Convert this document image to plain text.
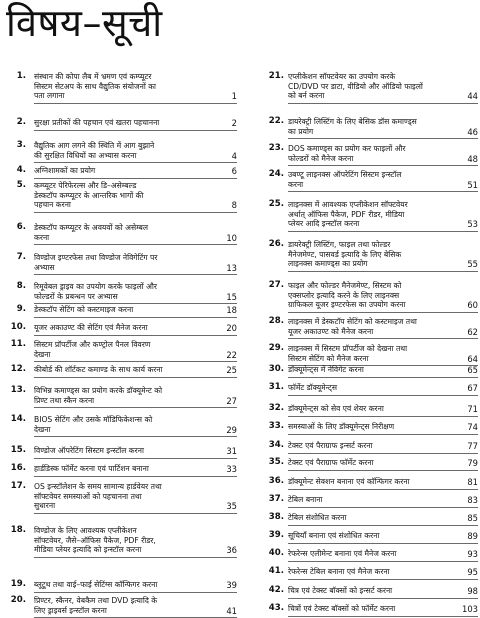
विषय–सूची
1. संस्थान की कोपा लैब में भ्रमण एवं कम्प्यूटर
सिस्टम सेटअप के साथ वैद्युतिक संयोजनों का
पता लगाना	1
2. सुरक्षा प्रतीकों की पहचान एवं खतरा पहचानना	2
3. वैद्युतिक आग लगने की स्थिति में आग बुझाने
की सुरक्षित विधियों का अभ्यास करना	4
4. अग्निशामकों का प्रयोग	6
5. कम्प्यूटर पेरिफेरल्स और डि–असेम्बल्ड
डेस्कटॉप कम्प्यूटर के आन्तरिक भागों की
पहचान करना	8
6. डेस्कटॉप कम्प्यूटर के अवयवों को असेम्बल
करना	10
7. विण्डोज इण्टरफेस तथा विण्डोज नेविगेटिंग पर
अभ्यास	13
8. रिमूवेबल ड्राइव का उपयोग करके फाइलों और
फोल्डरों के प्रबन्धन पर अभ्यास	15
9. डेस्कटॉप सेटिंग को कस्टमाइज करना	18
10. यूजर अकाउण्ट की सेटिंग एवं मैनेज करना	20
11. सिस्टम प्रॉपर्टीज और कण्ट्रोल पैनल विवरण
देखना	22
12. कीबोर्ड की शॉर्टकट कमाण्ड के साथ कार्य करना	25
13. विभिन्न कमाण्ड्स का प्रयोग करके डॉक्यूमेन्ट को
प्रिण्ट तथा स्कैन करना	27
14. BIOS सेटिंग और उसके मॉडिफिकेशन्स को
देखना	29
15. विण्डोज ऑपरेटिंग सिस्टम इन्स्टॉल करना	31
16. हार्डडिस्क फॉर्मेट करना एवं पार्टिशन बनाना	33
17. OS इन्स्टॉलेशन के समय सामान्य हार्डवेयर तथा
सॉफ्टवेयर समस्याओं को पहचानना तथा
सुधारना	35
18. विण्डोज के लिए आवश्यक एप्लीकेशन
सॉफ्टवेयर, जैसे–ऑफिस पैकेज, PDF रीडर,
मीडिया प्लेयर इत्यादि को इन्स्टॉल करना	36
19. ब्लूटूथ तथा वाई–फाई सेटिंग्स कॉन्फिगर करना	39
20. प्रिण्टर, स्कैनर, वेबकैम तथा DVD इत्यादि के
लिए ड्राइवर्स इन्स्टॉल करना	41
21. एप्लीकेशन सॉफ्टवेयर का उपयोग करके
CD/DVD पर डाटा, वीडियो और ऑडियो फाइलों
को बर्न करना	44
22. डायरेक्ट्री लिस्टिंग के लिए बेसिक डॉस कमाण्ड्स
का प्रयोग	46
23. DOS कमाण्ड्स का प्रयोग कर फाइलों और
फोल्डरों को मैनेज करना	48
24. उबण्टू लाइनक्स ऑपरेटिंग सिस्टम इन्स्टॉल
करना	51
25. लाइनक्स में आवश्यक एप्लीकेशन सॉफ्टवेयर
अर्थात् ऑफिस पैकेज, PDF रीडर, मीडिया
प्लेयर आदि इन्स्टॉल करना	53
26. डायरेक्ट्री लिस्टिंग, फाइल तथा फोल्डर
मैनेजमेण्ट, पासवर्ड इत्यादि के लिए बेसिक
लाइनक्स कमाण्ड्स का प्रयोग	55
27. फाइल और फोल्डर मैनेजमेण्ट, सिस्टम को
एक्सप्लोर इत्यादि करने के लिए लाइनक्स
ग्राफिकल यूजर इण्टरफेस का उपयोग करना	60
28. लाइनक्स में डेस्कटॉप सेटिंग को कस्टमाइज तथा
यूजर अकाउण्ट को मैनेज करना	62
29. लाइनक्स में सिस्टम प्रॉपर्टीज को देखना तथा
सिस्टम सेटिंग को मैनेज करना	64
30. डॉक्यूमेन्ट्स में नेविगेट करना	65
31. फॉर्मेट डॉक्यूमेन्ट्स	67
32. डॉक्यूमेन्ट्स को सेव एवं शेयर करना	71
33. समस्याओं के लिए डॉक्यूमेन्ट्स निरीक्षण	74
34. टेक्स्ट एवं पैराग्राफ इन्सर्ट करना	77
35. टेक्स्ट एवं पैराग्राफ फॉर्मेट करना	79
36. डॉक्यूमेन्ट सेक्शन बनाना एवं कॉन्फिगर करना	81
37. टेबिल बनाना	83
38. टेबिल संशोधित करना	85
39. सूचियाँ बनाना एवं संशोधित करना	89
40. रेफरेन्स एलीमेन्ट बनाना एवं मैनेज करना	93
41. रेफरेन्स टेबिल बनाना एवं मैनेज करना	95
42. चित्र एवं टेक्स्ट बॉक्सों को इन्सर्ट करना	98
43. चित्रों एवं टेक्स्ट बॉक्सों को फॉर्मेट करना	103
